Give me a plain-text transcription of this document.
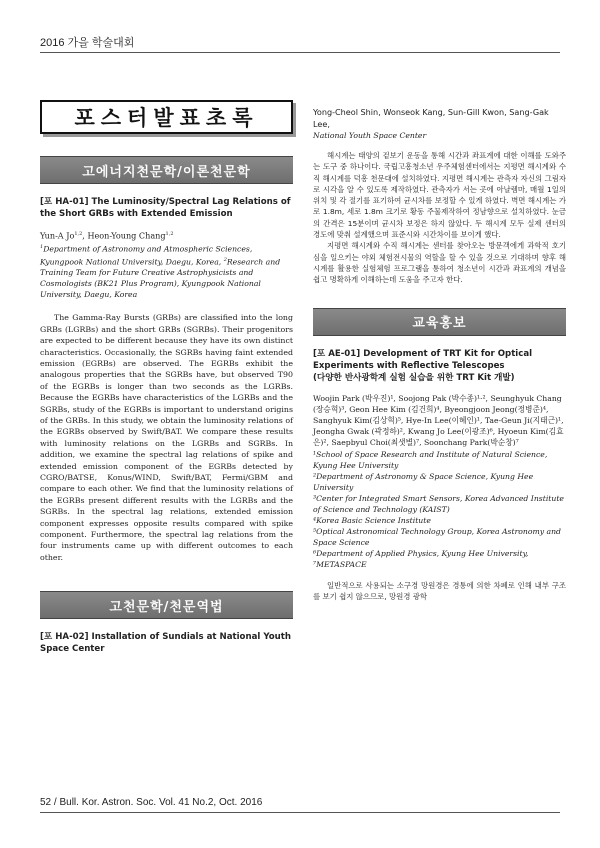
2016 가을 학술대회
포스터발표초록
고에너지천문학/이론천문학

[포 HA-01] The Luminosity/Spectral Lag Relations of the Short GRBs with Extended Emission

Yun-A Jo$^{1,2}$, Heon-Young Chang$^{1,2}$

$^1$Department of Astronomy and Atmospheric Sciences, Kyungpook National University, Daegu, Korea, $^2$Research and Training Team for Future Creative Astrophysicists and Cosmologists (BK21 Plus Program), Kyungpook National University, Daegu, Korea

The Gamma-Ray Bursts (GRBs) are classified into the long GRBs (LGRBs) and the short GRBs (SGRBs). Their progenitors are expected to be different because they have its own distinct characteristics. Occasionally, the SGRBs having faint extended emission (EGRBs) are observed. The EGRBs exhibit the analogous properties that the SGRBs have, but observed T90 of the EGRBs is longer than two seconds as the LGRBs. Because the EGRBs have characteristics of the LGRBs and the SGRBs, study of the EGRBs is important to understand origins of the GRBs. In this study, we obtain the luminosity relations of the EGRBs observed by Swift/BAT. We compare these results with luminosity relations on the LGRBs and SGRBs. In addition, we examine the spectral lag relations of spike and extended emission component of the EGRBs detected by CGRO/BATSE, Konus/WIND, Swift/BAT, Fermi/GBM and compare to each other. We find that the luminosity relations of the EGRBs present different results with the LGRBs and the SGRBs. In the spectral lag relations, extended emission component expresses opposite results compared with spike component. Furthermore, the spectral lag relations from the four instruments came up with different outcomes to each other.

고천문학/천문역법

[포 HA-02] Installation of Sundials at National Youth Space Center

Yong-Cheol Shin, Wonseok Kang, Sun-Gill Kwon, Sang-Gak Lee,

National Youth Space Center

해시계는 태양의 겉보기 운동을 통해 시간과 좌표계에 대한 이해를 도와주는 도구 중 하나이다. 국립고흥청소년 우주체험센터에서는 지평면 해시계와 수직 해시계를 덕흥 천문대에 설치하였다. 지평면 해시계는 관측자 자신의 그림자로 시각을 알 수 있도록 제작하였다. 관측자가 서는 곳에 아날렘마, 매월 1일의 위치 및 각 절기를 표기하여 균시차를 보정할 수 있게 하였다. 벽면 해시계는 가로 1.8m, 세로 1.8m 크기로 황동 주물제작하여 정남향으로 설치하였다. 눈금의 간격은 15분이며 균시차 보정은 하지 않았다. 두 해시계 모두 실제 센터의 경도에 맞춰 설계했으며 표준시와 시간차이를 보이게 했다.

지평면 해시계와 수직 해시계는 센터를 찾아오는 방문객에게 과학적 호기심을 일으키는 야외 체험전시물의 역할을 할 수 있을 것으로 기대하며 향후 해시계를 활용한 실험체험 프로그램을 통하여 청소년이 시간과 좌표계의 개념을 쉽고 명확하게 이해하는데 도움을 주고자 한다.

교육홍보

[포 AE-01] Development of TRT Kit for Optical Experiments with Reflective Telescopes

(다양한 반사광학계 실험 실습을 위한 TRT Kit 개발)

Woojin Park (박우진)¹, Soojong Pak (박수종)¹·², Seunghyuk Chang (장승혁)³, Geon Hee Kim (김건희)⁴, Byeongjoon Jeong(정병준)⁴, Sanghyuk Kim(김상혁)⁵, Hye-In Lee(이혜인)¹, Tae-Geun Ji(지태근)¹, Jeongha Gwak (곽정하)², Kwang Jo Lee(이광조)⁶, Hyoeun Kim(김효은)², Saepbyul Choi(최샛별)⁷, Soonchang Park(박순창)⁷

¹School of Space Research and Institute of Natural Science, Kyung Hee University

²Department of Astronomy & Space Science, Kyung Hee University

³Center for Integrated Smart Sensors, Korea Advanced Institute of Science and Technology (KAIST)

⁴Korea Basic Science Institute

⁵Optical Astronomical Technology Group, Korea Astronomy and Space Science

⁶Department of Applied Physics, Kyung Hee University,

⁷METASPACE

일반적으로 사용되는 소구경 망원경은 경통에 의한 차폐로 인해 내부 구조를 보기 쉽지 않으므로, 망원경 광학

52 / Bull. Kor. Astron. Soc. Vol. 41 No.2, Oct. 2016
